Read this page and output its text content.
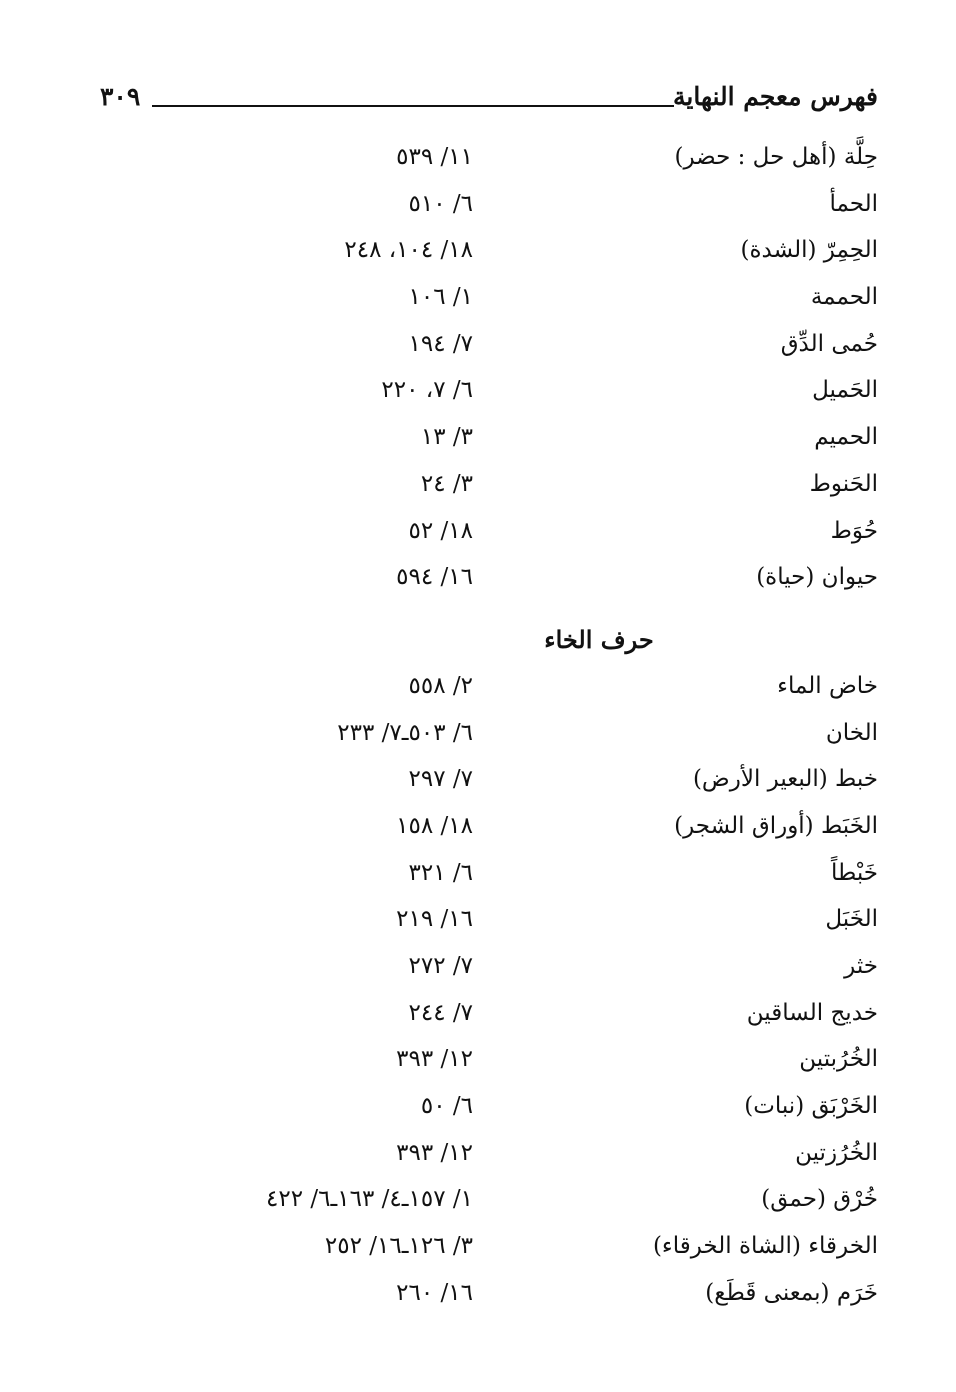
فهرس معجم النهاية
٣٠٩
حِلَّة (أهل حل : حضر)
١١/ ٥٣٩
الحمأ
٦/ ٥١٠
الحِمِرّ (الشدة)
١٨/ ١٠٤، ٢٤٨
الحممة
١/ ١٠٦
حُمى الدِّق
٧/ ١٩٤
الحَميل
٦/ ٧، ٢٢٠
الحميم
٣/ ١٣
الحَنوط
٣/ ٢٤
حُوَط
١٨/ ٥٢
حيوان (حياة)
١٦/ ٥٩٤
حرف الخاء
خاض الماء
٢/ ٥٥٨
الخان
٦/ ٥٠٣ـ٧/ ٢٣٣
خبط (البعير الأرض)
٧/ ٢٩٧
الخَبَط (أوراق الشجر)
١٨/ ١٥٨
خَبْطاً
٦/ ٣٢١
الخَبَل
١٦/ ٢١٩
خثر
٧/ ٢٧٢
خديج الساقين
٧/ ٢٤٤
الخُرُبتين
١٢/ ٣٩٣
الخَرْبَق (نبات)
٦/ ٥٠
الخُرُزتين
١٢/ ٣٩٣
خُرْق (حمق)
١/ ١٥٧ـ٤/ ١٦٣ـ٦/ ٤٢٢
الخرقاء (الشاة الخرقاء)
٣/ ١٢٦ـ١٦/ ٢٥٢
خَرَم (بمعنى قَطَع)
١٦/ ٢٦٠
